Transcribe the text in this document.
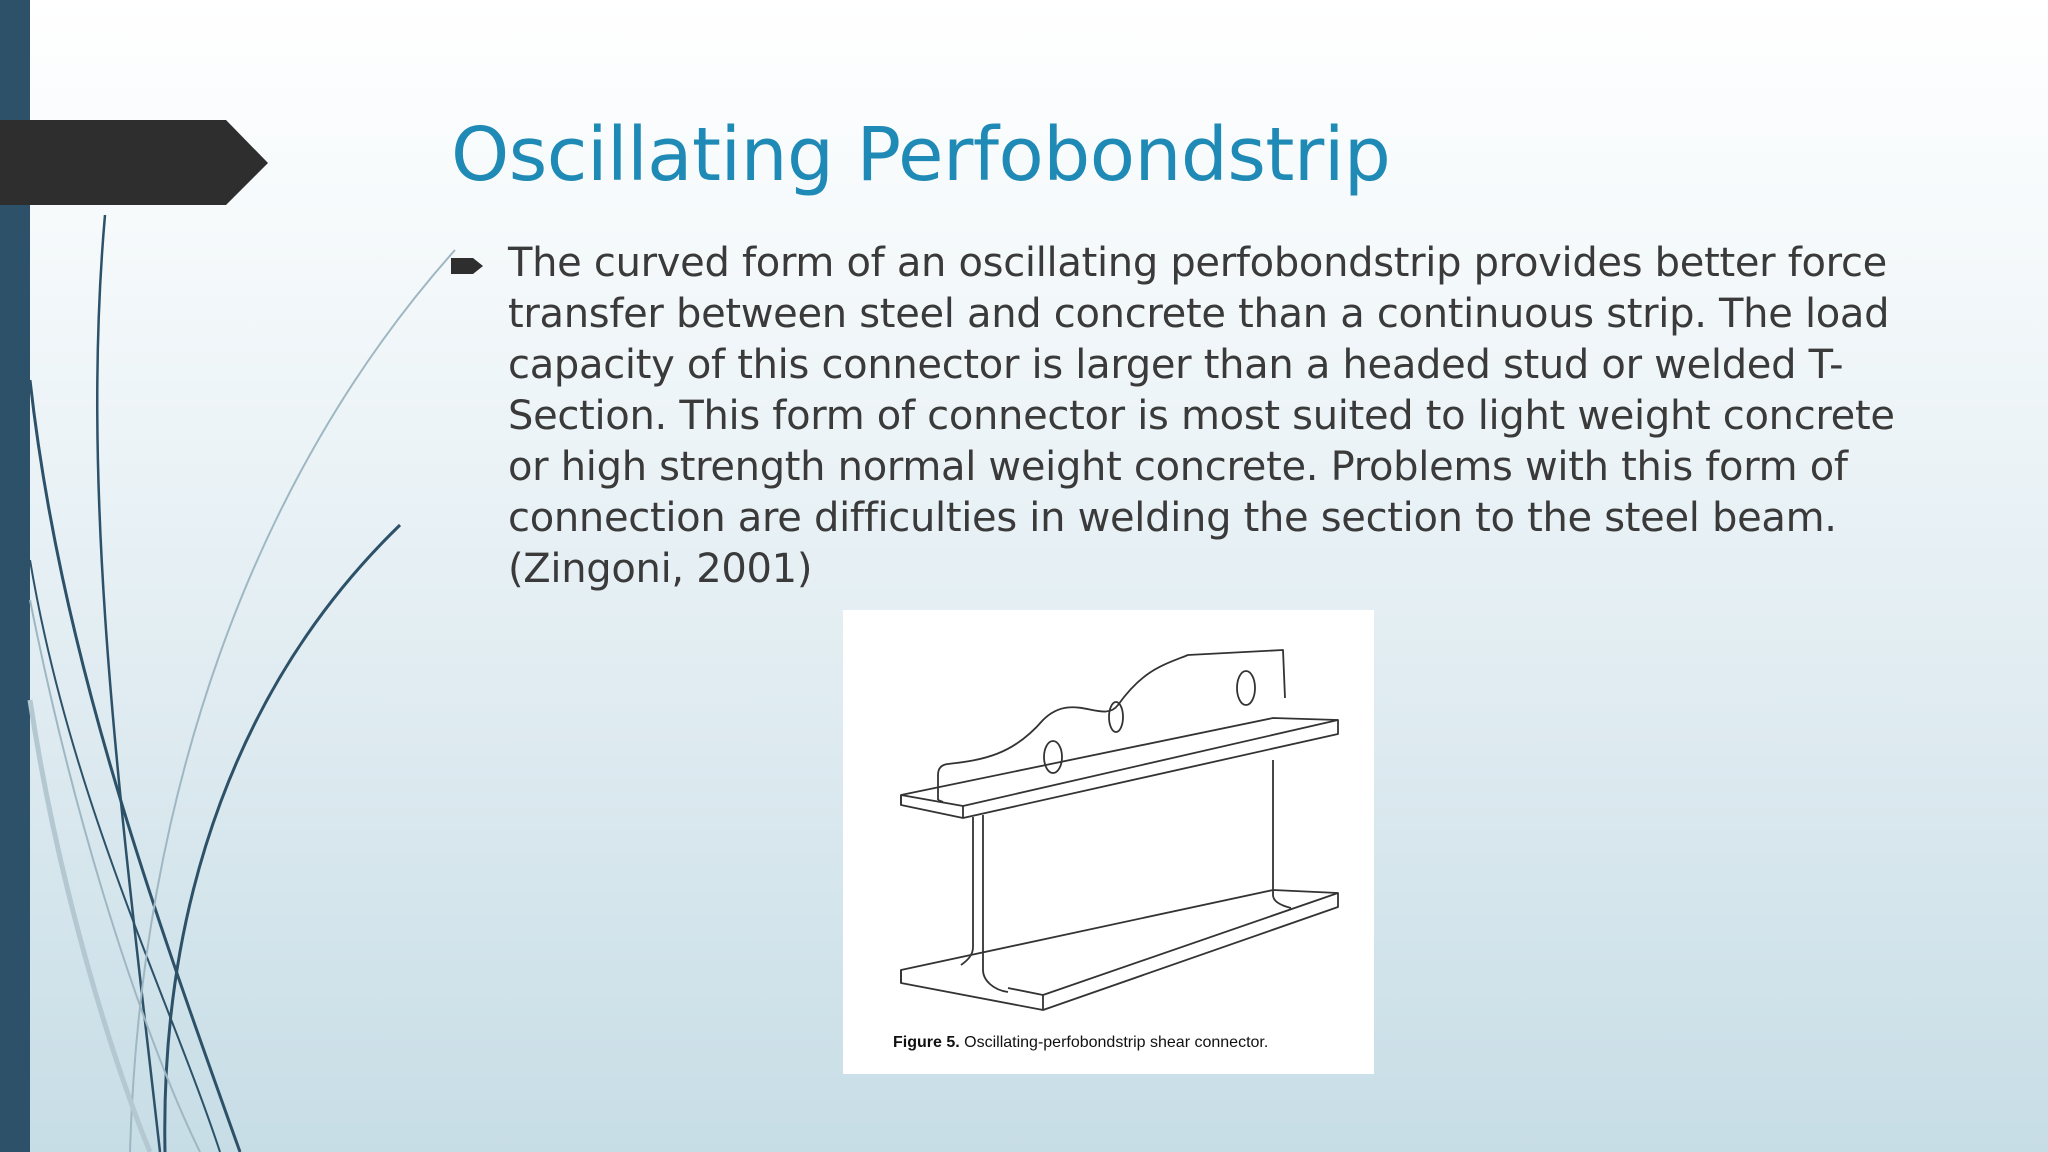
Oscillating Perfobondstrip

The curved form of an oscillating perfobondstrip provides better force transfer between steel and concrete than a continuous strip. The load capacity of this connector is larger than a headed stud or welded T-Section. This form of connector is most suited to light weight concrete or high strength normal weight concrete. Problems with this form of connection are difficulties in welding the section to the steel beam. (Zingoni, 2001)

Figure 5. Oscillating-perfobondstrip shear connector.
